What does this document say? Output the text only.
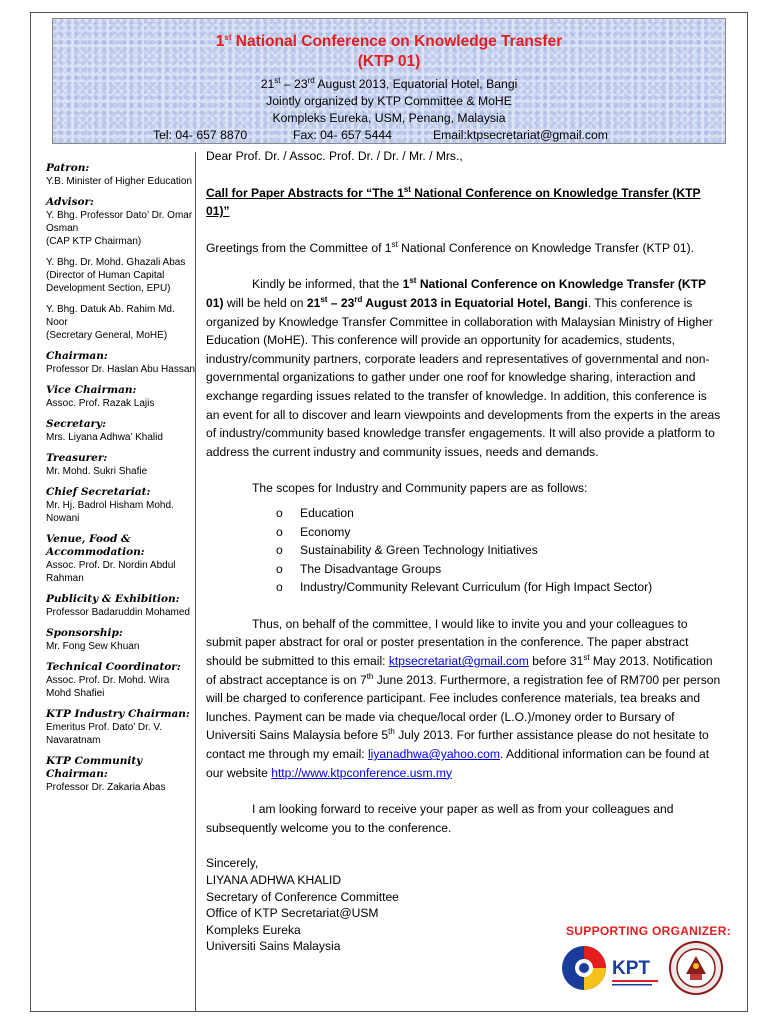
1st National Conference on Knowledge Transfer
(KTP 01)
21st – 23rd August 2013, Equatorial Hotel, Bangi
Jointly organized by KTP Committee & MoHE
Kompleks Eureka, USM, Penang, Malaysia
Tel: 04- 657 8870	Fax: 04- 657 5444	Email:ktpsecretariat@gmail.com
Patron:
Y.B. Minister of Higher Education
Advisor:
Y. Bhg. Professor Dato’ Dr. Omar Osman
(CAP KTP Chairman)
Y. Bhg. Dr. Mohd. Ghazali Abas
(Director of Human Capital Development Section, EPU)
Y. Bhg. Datuk Ab. Rahim Md. Noor
(Secretary General, MoHE)
Chairman:
Professor Dr. Haslan Abu Hassan
Vice Chairman:
Assoc. Prof. Razak Lajis
Secretary:
Mrs. Liyana Adhwa’ Khalid
Treasurer:
Mr. Mohd. Sukri Shafie
Chief Secretariat:
Mr. Hj. Badrol Hisham Mohd. Nowani
Venue, Food & Accommodation:
Assoc. Prof. Dr. Nordin Abdul Rahman
Publicity & Exhibition:
Professor Badaruddin Mohamed
Sponsorship:
Mr. Fong Sew Khuan
Technical Coordinator:
Assoc. Prof. Dr. Mohd. Wira Mohd Shafiei
KTP Industry Chairman:
Emeritus Prof. Dato’ Dr. V. Navaratnam
KTP Community Chairman:
Professor Dr. Zakaria Abas

Dear Prof. Dr. / Assoc. Prof. Dr. / Dr. / Mr. / Mrs.,

Call for Paper Abstracts for “The 1st National Conference on Knowledge Transfer (KTP 01)”

Greetings from the Committee of 1st National Conference on Knowledge Transfer (KTP 01).

Kindly be informed, that the 1st National Conference on Knowledge Transfer (KTP 01) will be held on 21st – 23rd August 2013 in Equatorial Hotel, Bangi. This conference is organized by Knowledge Transfer Committee in collaboration with Malaysian Ministry of Higher Education (MoHE). This conference will provide an opportunity for academics, students, industry/community partners, corporate leaders and representatives of governmental and non-governmental organizations to gather under one roof for knowledge sharing, interaction and exchange regarding issues related to the transfer of knowledge. In addition, this conference is an event for all to discover and learn viewpoints and developments from the experts in the areas of industry/community based knowledge transfer engagements. It will also provide a platform to address the current industry and community issues, needs and demands.

The scopes for Industry and Community papers are as follows:

o Education
o Economy
o Sustainability & Green Technology Initiatives
o The Disadvantage Groups
o Industry/Community Relevant Curriculum (for High Impact Sector)

Thus, on behalf of the committee, I would like to invite you and your colleagues to submit paper abstract for oral or poster presentation in the conference. The paper abstract should be submitted to this email: ktpsecretariat@gmail.com before 31st May 2013. Notification of abstract acceptance is on 7th June 2013. Furthermore, a registration fee of RM700 per person will be charged to conference participant. Fee includes conference materials, tea breaks and lunches. Payment can be made via cheque/local order (L.O.)/money order to Bursary of Universiti Sains Malaysia before 5th July 2013. For further assistance please do not hesitate to contact me through my email: liyanadhwa@yahoo.com. Additional information can be found at our website http://www.ktpconference.usm.my

I am looking forward to receive your paper as well as from your colleagues and subsequently welcome you to the conference.

Sincerely,
LIYANA ADHWA KHALID
Secretary of Conference Committee
Office of KTP Secretariat@USM
Kompleks Eureka
Universiti Sains Malaysia
SUPPORTING ORGANIZER:
KPT
